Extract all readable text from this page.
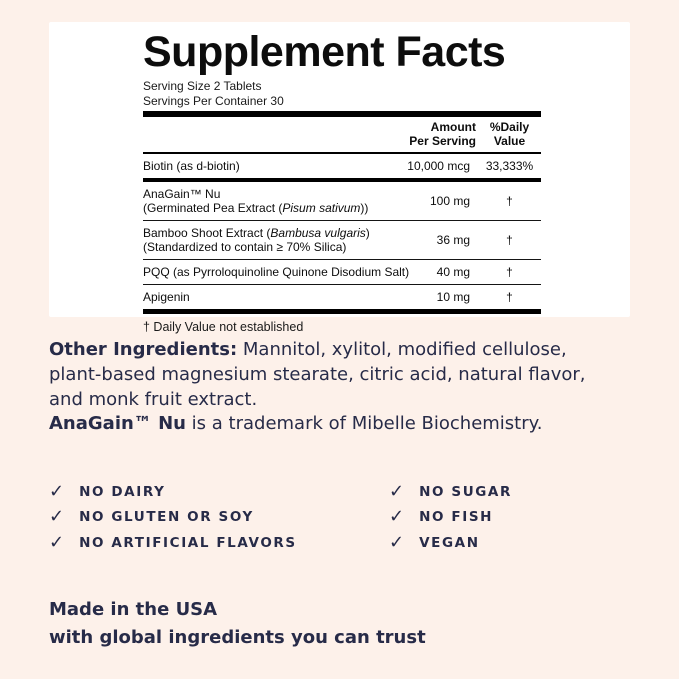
Supplement Facts
Serving Size 2 Tablets
Servings Per Container 30
Amount
Per Serving
%Daily
Value
Biotin (as d-biotin)	10,000 mcg	33,333%
AnaGain™ Nu
(Germinated Pea Extract (Pisum sativum))	100 mg	†
Bamboo Shoot Extract (Bambusa vulgaris)
(Standardized to contain ≥ 70% Silica)	36 mg	†
PQQ (as Pyrroloquinoline Quinone Disodium Salt)	40 mg	†
Apigenin	10 mg	†
† Daily Value not established
Other Ingredients: Mannitol, xylitol, modified cellulose,
plant-based magnesium stearate, citric acid, natural flavor,
and monk fruit extract.
AnaGain™ Nu is a trademark of Mibelle Biochemistry.
✓ NO DAIRY
✓ NO GLUTEN OR SOY
✓ NO ARTIFICIAL FLAVORS
✓ NO SUGAR
✓ NO FISH
✓ VEGAN
Made in the USA
with global ingredients you can trust
